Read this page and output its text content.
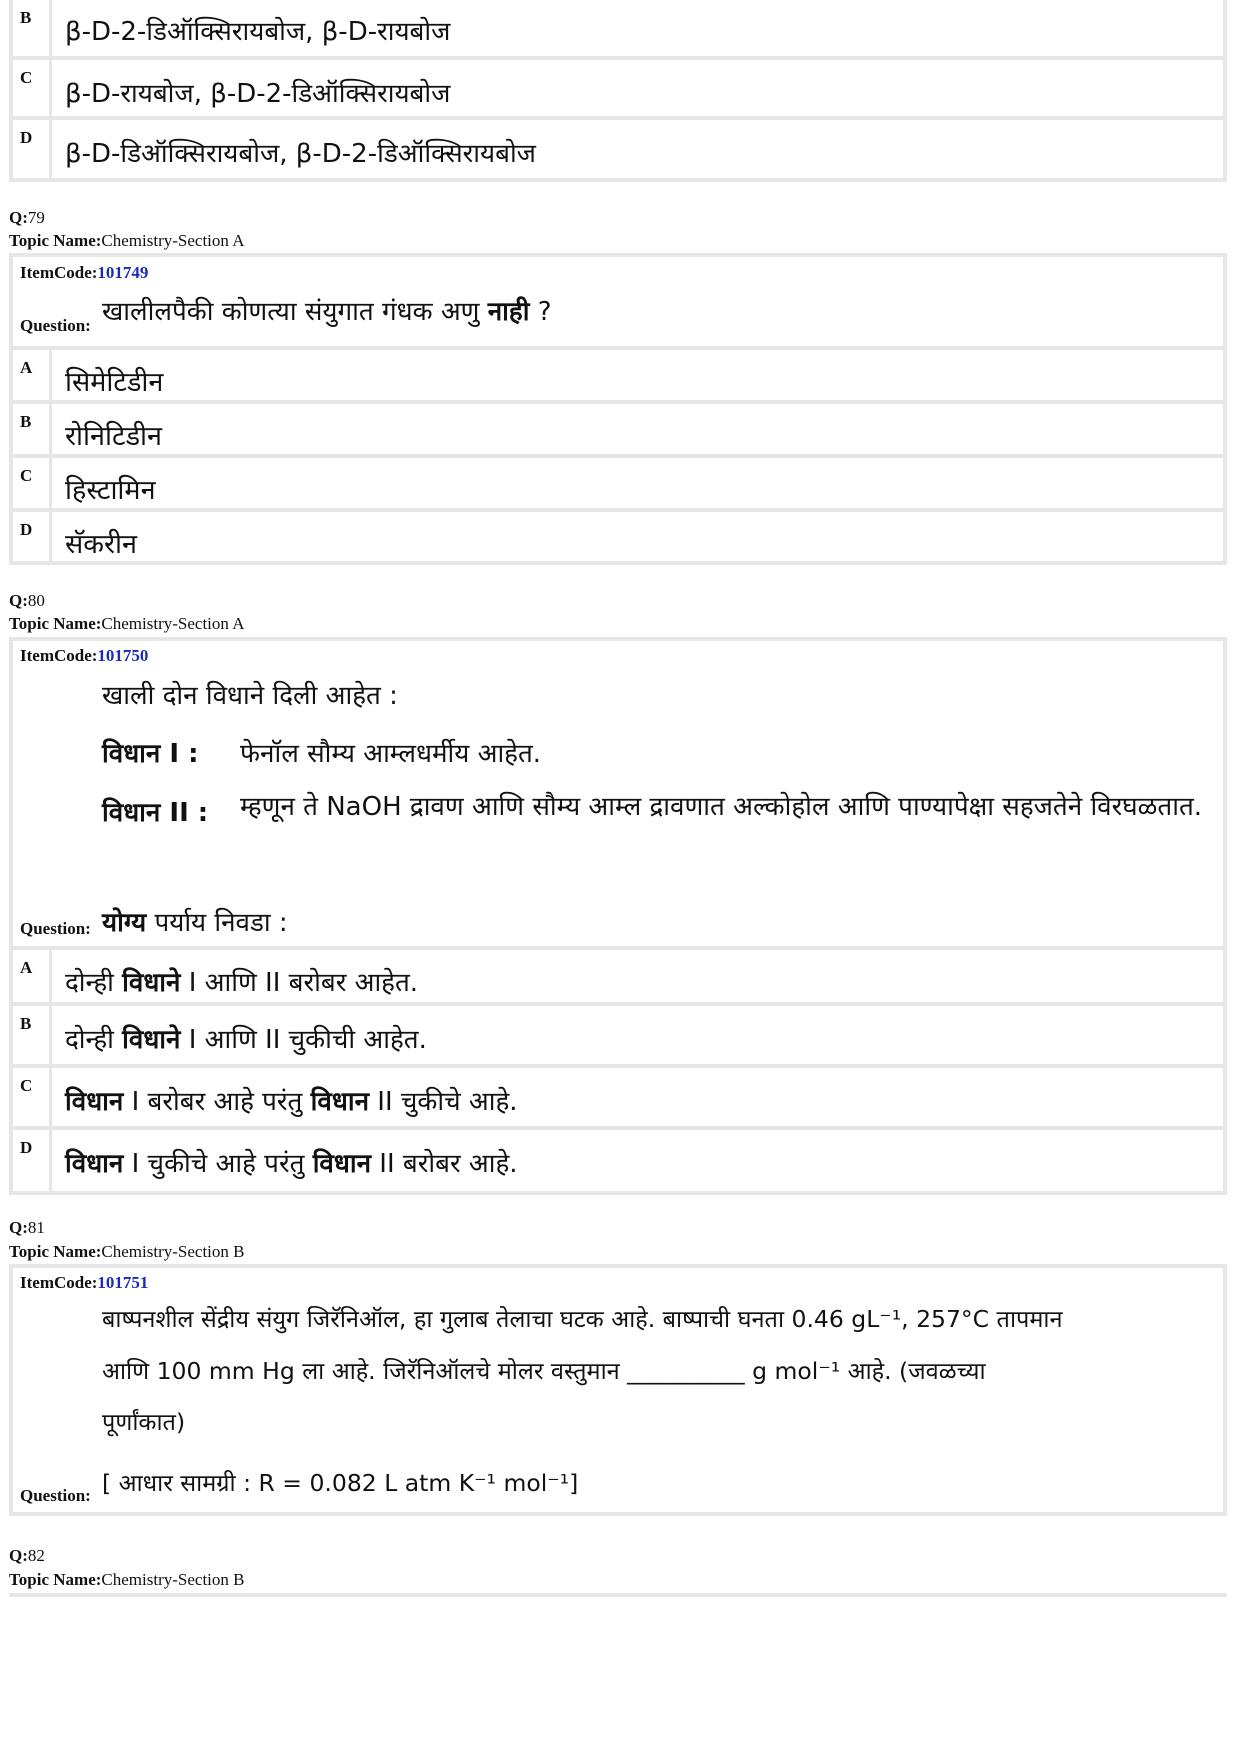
B β-D-2-डिऑक्सिरायबोज, β-D-रायबोज
C
β-D-रायबोज, β-D-2-डिऑक्सिरायबोज
D
β-D-डिऑक्सिरायबोज, β-D-2-डिऑक्सिरायबोज
Q:79
Topic Name:Chemistry-Section A
ItemCode:101749
खालीलपैकी कोणत्या संयुगात गंधक अणु नाही ?
Question:
A सिमेटिडीन
B रोनिटिडीन
C हिस्टामिन
D सॅकरीन
Q:80
Topic Name:Chemistry-Section A
ItemCode:101750
खाली दोन विधाने दिली आहेत :
विधान I : फेनॉल सौम्य आम्लधर्मीय आहेत.
विधान II : म्हणून ते NaOH द्रावण आणि सौम्य आम्ल द्रावणात अल्कोहोल आणि पाण्यापेक्षा सहजतेने विरघळतात.
Question: योग्य पर्याय निवडा :
A
दोन्ही विधाने I आणि II बरोबर आहेत.
B
दोन्ही विधाने I आणि II चुकीची आहेत.
C
विधान I बरोबर आहे परंतु विधान II चुकीचे आहे.
D
विधान I चुकीचे आहे परंतु विधान II बरोबर आहे.
Q:81
Topic Name:Chemistry-Section B
ItemCode:101751
बाष्पनशील सेंद्रीय संयुग जिरॅनिऑल, हा गुलाब तेलाचा घटक आहे. बाष्पाची घनता 0.46 gL⁻¹, 257°C तापमान
आणि 100 mm Hg ला आहे. जिरॅनिऑलचे मोलर वस्तुमान __________ g mol⁻¹ आहे. (जवळच्या
पूर्णांकात)
[ आधार सामग्री : R = 0.082 L atm K⁻¹ mol⁻¹]
Question:
Q:82
Topic Name:Chemistry-Section B
